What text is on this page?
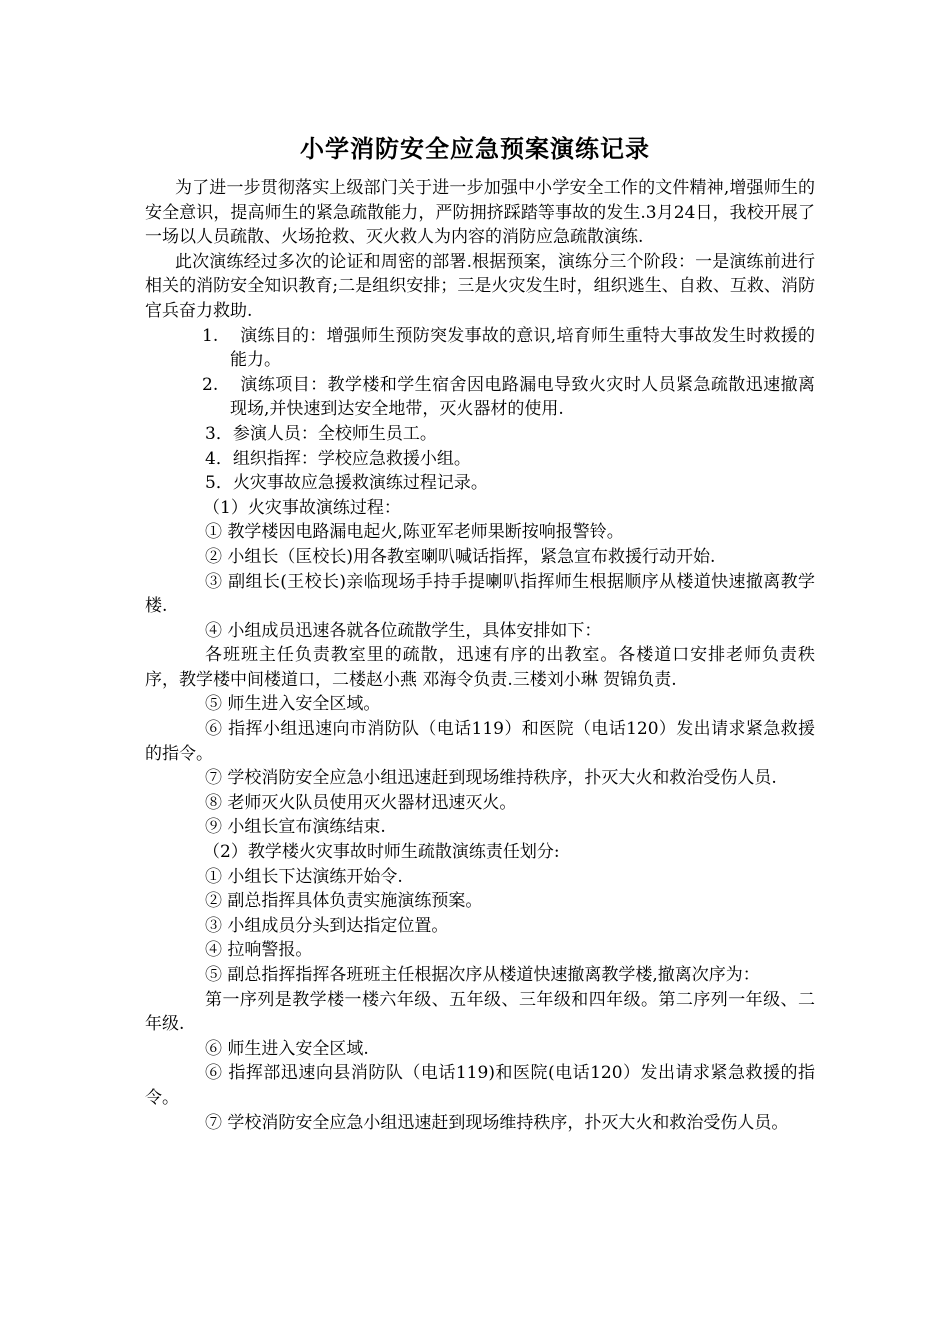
小学消防安全应急预案演练记录

为了进一步贯彻落实上级部门关于进一步加强中小学安全工作的文件精神,增强师生的安全意识，提高师生的紧急疏散能力，严防拥挤踩踏等事故的发生.3月24日，我校开展了一场以人员疏散、火场抢救、灭火救人为内容的消防应急疏散演练.

此次演练经过多次的论证和周密的部署.根据预案，演练分三个阶段：一是演练前进行相关的消防安全知识教育;二是组织安排；三是火灾发生时，组织逃生、自救、互救、消防官兵奋力救助.

1. 演练目的：增强师生预防突发事故的意识,培育师生重特大事故发生时救援的能力。

2. 演练项目：教学楼和学生宿舍因电路漏电导致火灾时人员紧急疏散迅速撤离现场,并快速到达安全地带，灭火器材的使用.

3．参演人员：全校师生员工。

4．组织指挥：学校应急救援小组。

5．火灾事故应急援救演练过程记录。

（1）火灾事故演练过程：

① 教学楼因电路漏电起火,陈亚军老师果断按响报警铃。

② 小组长（匡校长)用各教室喇叭喊话指挥，紧急宣布救援行动开始.

③ 副组长(王校长)亲临现场手持手提喇叭指挥师生根据顺序从楼道快速撤离教学楼.

④ 小组成员迅速各就各位疏散学生，具体安排如下：

各班班主任负责教室里的疏散，迅速有序的出教室。各楼道口安排老师负责秩序，教学楼中间楼道口，二楼赵小燕 邓海令负责.三楼刘小琳 贺锦负责.

⑤ 师生进入安全区域。

⑥ 指挥小组迅速向市消防队（电话119）和医院（电话120）发出请求紧急救援的指令。

⑦ 学校消防安全应急小组迅速赶到现场维持秩序，扑灭大火和救治受伤人员.

⑧ 老师灭火队员使用灭火器材迅速灭火。

⑨ 小组长宣布演练结束.

（2）教学楼火灾事故时师生疏散演练责任划分:

① 小组长下达演练开始令.

② 副总指挥具体负责实施演练预案。

③ 小组成员分头到达指定位置。

④ 拉响警报。

⑤ 副总指挥指挥各班班主任根据次序从楼道快速撤离教学楼,撤离次序为：

第一序列是教学楼一楼六年级、五年级、三年级和四年级。第二序列一年级、二年级.

⑥ 师生进入安全区域.

⑥ 指挥部迅速向县消防队（电话119)和医院(电话120）发出请求紧急救援的指令。

⑦ 学校消防安全应急小组迅速赶到现场维持秩序，扑灭大火和救治受伤人员。
